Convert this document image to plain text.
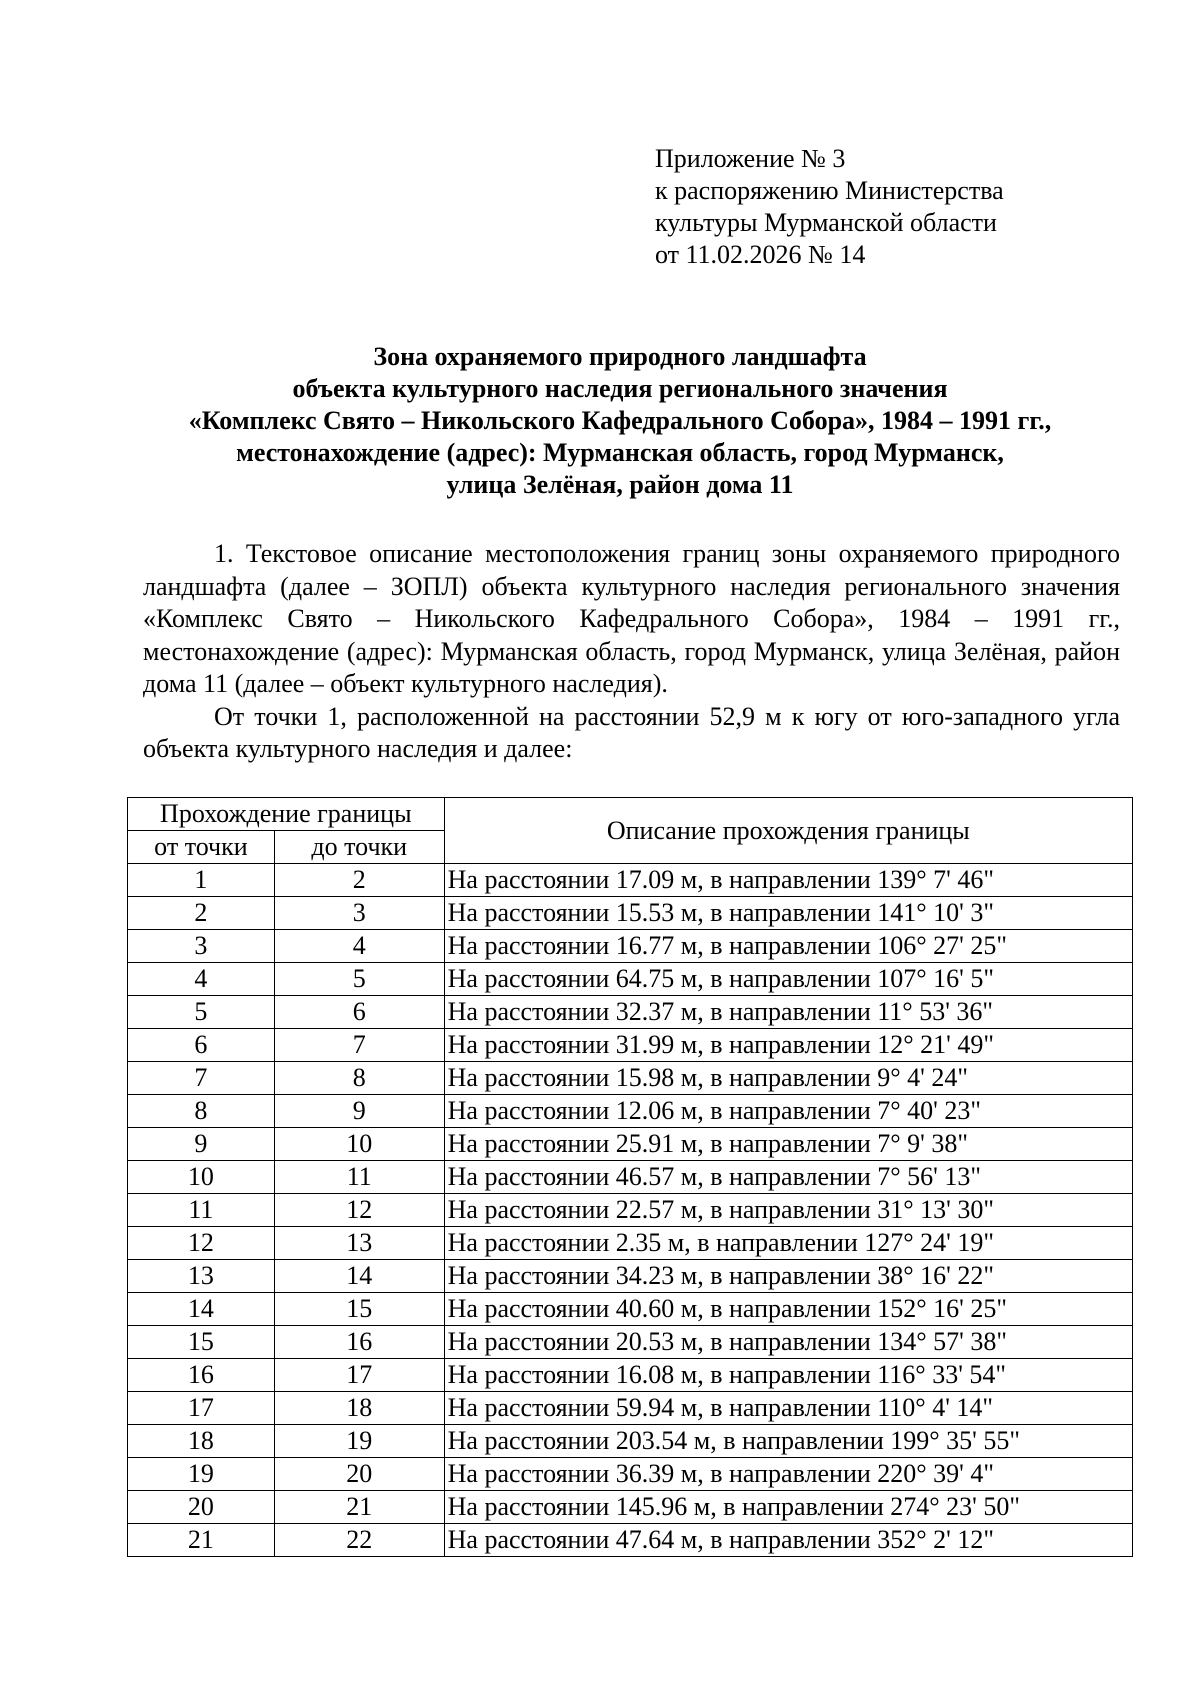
Приложение № 3
к распоряжению Министерства
культуры Мурманской области
от 11.02.2026 № 14
Зона охраняемого природного ландшафта
объекта культурного наследия регионального значения
«Комплекс Свято – Никольского Кафедрального Собора», 1984 – 1991 гг.,
местонахождение (адрес): Мурманская область, город Мурманск,
улица Зелёная, район дома 11

1. Текстовое описание местоположения границ зоны охраняемого природного ландшафта (далее – ЗОПЛ) объекта культурного наследия регионального значения «Комплекс Свято – Никольского Кафедрального Собора», 1984 – 1991 гг., местонахождение (адрес): Мурманская область, город Мурманск, улица Зелёная, район дома 11 (далее – объект культурного наследия).

От точки 1, расположенной на расстоянии 52,9 м к югу от юго-западного угла объекта культурного наследия и далее:

Прохождение границы		Описание прохождения границы
от точки	до точки	
1	2	На расстоянии 17.09 м, в направлении 139° 7' 46"
2	3	На расстоянии 15.53 м, в направлении 141° 10' 3"
3	4	На расстоянии 16.77 м, в направлении 106° 27' 25"
4	5	На расстоянии 64.75 м, в направлении 107° 16' 5"
5	6	На расстоянии 32.37 м, в направлении 11° 53' 36"
6	7	На расстоянии 31.99 м, в направлении 12° 21' 49"
7	8	На расстоянии 15.98 м, в направлении 9° 4' 24"
8	9	На расстоянии 12.06 м, в направлении 7° 40' 23"
9	10	На расстоянии 25.91 м, в направлении 7° 9' 38"
10	11	На расстоянии 46.57 м, в направлении 7° 56' 13"
11	12	На расстоянии 22.57 м, в направлении 31° 13' 30"
12	13	На расстоянии 2.35 м, в направлении 127° 24' 19"
13	14	На расстоянии 34.23 м, в направлении 38° 16' 22"
14	15	На расстоянии 40.60 м, в направлении 152° 16' 25"
15	16	На расстоянии 20.53 м, в направлении 134° 57' 38"
16	17	На расстоянии 16.08 м, в направлении 116° 33' 54"
17	18	На расстоянии 59.94 м, в направлении 110° 4' 14"
18	19	На расстоянии 203.54 м, в направлении 199° 35' 55"
19	20	На расстоянии 36.39 м, в направлении 220° 39' 4"
20	21	На расстоянии 145.96 м, в направлении 274° 23' 50"
21	22	На расстоянии 47.64 м, в направлении 352° 2' 12"
